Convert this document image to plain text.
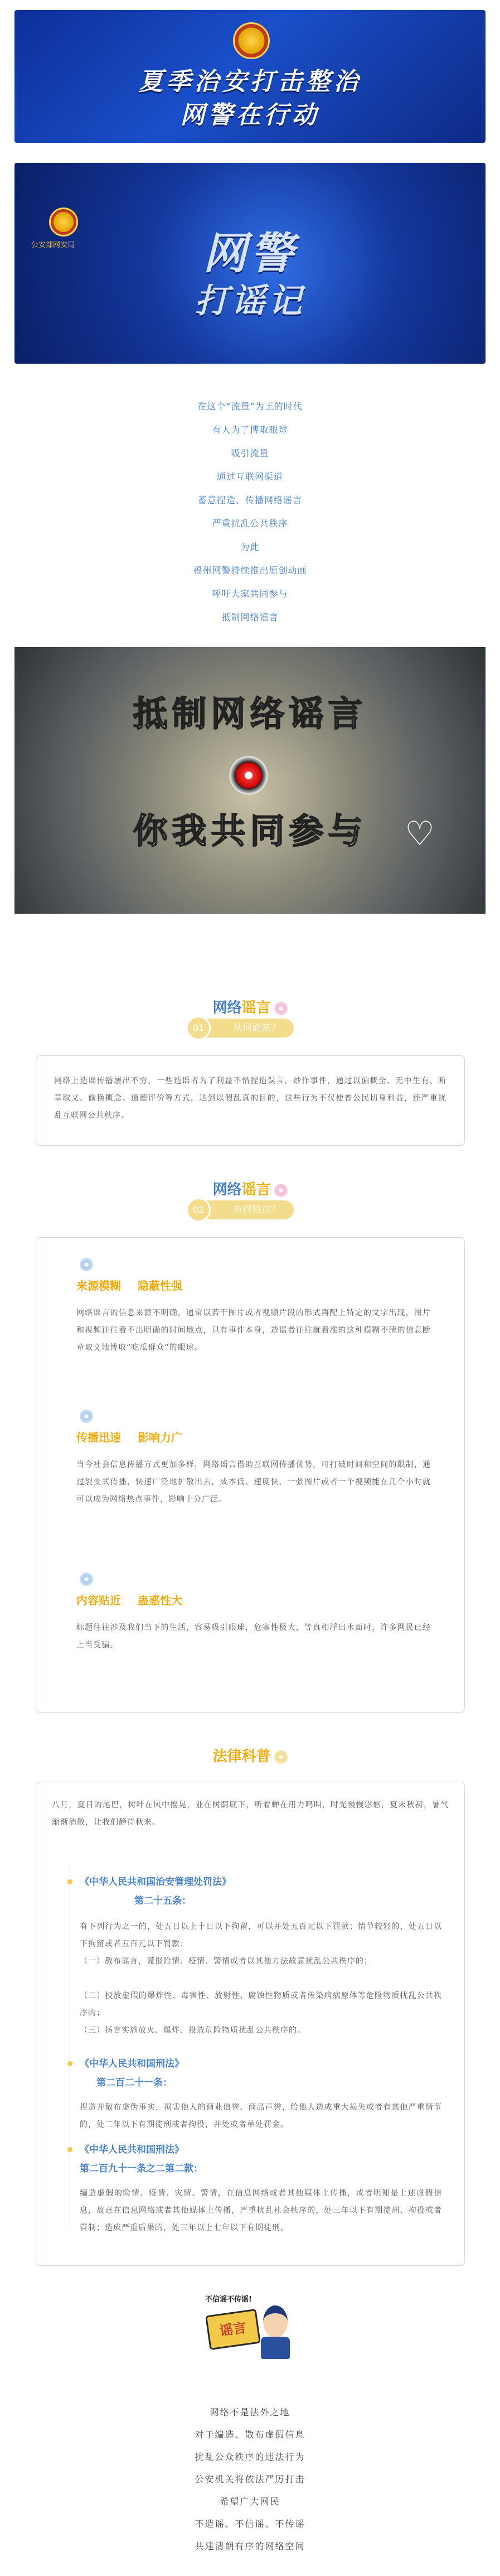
夏季治安打击整治
网警在行动
公安部网安局	网警
打谣记
在这个“流量”为王的时代
有人为了博取眼球
吸引流量
通过互联网渠道
蓄意捏造、传播网络谣言
严重扰乱公共秩序
为此
福州网警持续推出原创动画
呼吁大家共同参与
抵制网络谣言
抵制网络谣言
你我共同参与	♡
网络谣言
从何而来？
01
网络上造谣传播屡出不穷，一些造谣者为了利益不惜捏造误言，炒作事件，通过以偏概全、无中生有、断章取义、偷换概念、道德评价等方式，达到以假乱真的目的，这些行为不仅使普公民切身利益，还严重扰乱互联网公共秩序。
网络谣言
有何特点？
02
来源模糊 隐蔽性强
网络谣言的信息来源不明确，通常以若干图片或者视频片段的形式再配上特定的文字出现，图片和视频往往看不出明确的时间地点，只有事件本身，造谣者往往就看准的这种模糊不清的信息断章取义地博取“吃瓜群众”的眼球。
传播迅速 影响力广
当今社会信息传播方式更加多样，网络谣言借助互联网传播优势，可打破时间和空间的限制，通过裂变式传播，快速广泛地扩散出去，成本低、速度快，一张图片或者一个视频能在几个小时就可以成为网络热点事件，影响十分广泛。
内容贴近 蛊惑性大
标题往往涉及我们当下的生活，容易吸引眼球，危害性极大，等真相浮出水面时，许多网民已经上当受骗。
法律科普
八月，夏日的尾巴，树叶在风中摇晃，业在树荫底下，听着蝉在用力鸣叫，时光慢慢悠悠，夏末秋初，暑气渐渐消散，让我们静待秋来。
《中华人民共和国治安管理处罚法》
第二十五条：
有下列行为之一的，处五日以上十日以下拘留，可以并处五百元以下罚款；情节较轻的，处五日以下拘留或者五百元以下罚款：
（一）散布谣言，谎报险情、疫情、警情或者以其他方法故意扰乱公共秩序的；
（二）投放虚假的爆炸性、毒害性、放射性、腐蚀性物质或者传染病病原体等危险物质扰乱公共秩序的；
（三）扬言实施放火、爆炸、投放危险物质扰乱公共秩序的。
《中华人民共和国刑法》
第二百二十一条：
捏造并散布虚伪事实，损害他人的商业信誉、商品声誉，给他人造成重大损失或者有其他严重情节的，处二年以下有期徒刑或者拘役，并处或者单处罚金。
《中华人民共和国刑法》
第二百九十一条之二第二款：
编造虚假的险情、疫情、灾情、警情，在信息网络或者其他媒体上传播，或者明知是上述虚假信息，故意在信息网络或者其他媒体上传播，严重扰乱社会秩序的，处三年以下有期徒刑、拘役或者管制；造成严重后果的，处三年以上七年以下有期徒刑。
不信谣不传谣!
谣言
网络不是法外之地
对于编造、散布虚假信息
扰乱公众秩序的违法行为
公安机关将依法严厉打击
希望广大网民
不造谣、不信谣、不传谣
共建清朗有序的网络空间
